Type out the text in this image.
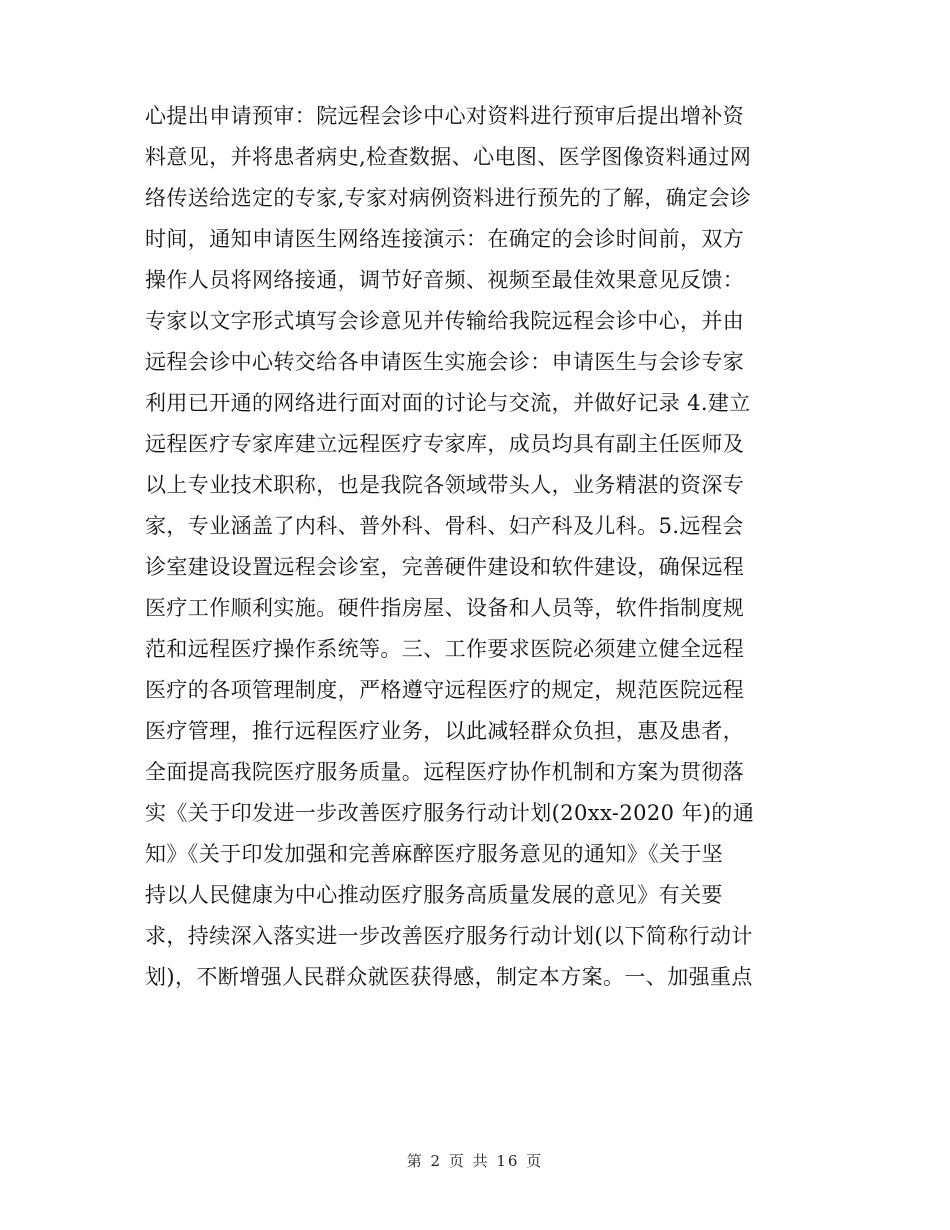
心提出申请预审：院远程会诊中心对资料进行预审后提出增补资
料意见，并将患者病史,检查数据、心电图、医学图像资料通过网
络传送给选定的专家,专家对病例资料进行预先的了解，确定会诊
时间，通知申请医生网络连接演示：在确定的会诊时间前，双方
操作人员将网络接通，调节好音频、视频至最佳效果意见反馈：
专家以文字形式填写会诊意见并传输给我院远程会诊中心，并由
远程会诊中心转交给各申请医生实施会诊：申请医生与会诊专家
利用已开通的网络进行面对面的讨论与交流，并做好记录 4.建立
远程医疗专家库建立远程医疗专家库，成员均具有副主任医师及
以上专业技术职称，也是我院各领域带头人，业务精湛的资深专
家，专业涵盖了内科、普外科、骨科、妇产科及儿科。5.远程会
诊室建设设置远程会诊室，完善硬件建设和软件建设，确保远程
医疗工作顺利实施。硬件指房屋、设备和人员等，软件指制度规
范和远程医疗操作系统等。三、工作要求医院必须建立健全远程
医疗的各项管理制度，严格遵守远程医疗的规定，规范医院远程
医疗管理，推行远程医疗业务，以此减轻群众负担，惠及患者，
全面提高我院医疗服务质量。远程医疗协作机制和方案为贯彻落
实《关于印发进一步改善医疗服务行动计划(20xx-2020 年)的通
知》《关于印发加强和完善麻醉医疗服务意见的通知》《关于坚
持以人民健康为中心推动医疗服务高质量发展的意见》有关要
求，持续深入落实进一步改善医疗服务行动计划(以下简称行动计
划)，不断增强人民群众就医获得感，制定本方案。一、加强重点
第 2 页 共 16 页
